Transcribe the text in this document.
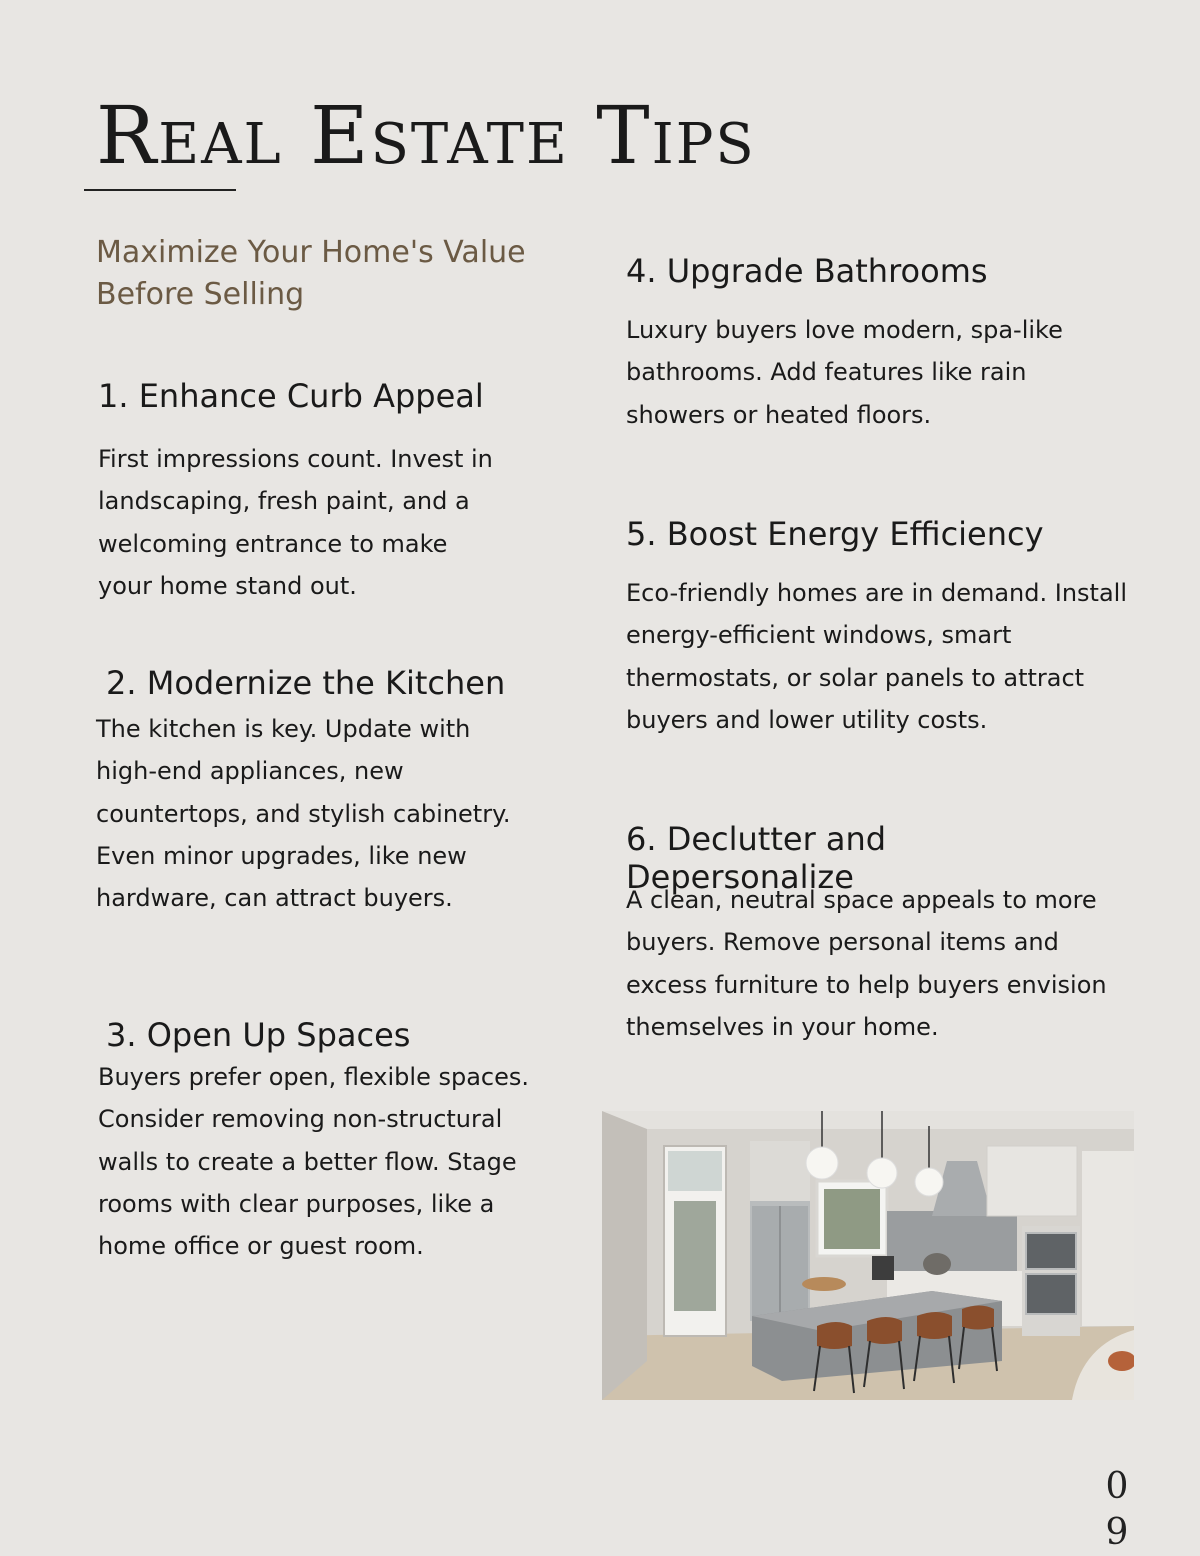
Real Estate Tips
Maximize Your Home's Value Before Selling
1. Enhance Curb Appeal

First impressions count. Invest in landscaping, fresh paint, and a welcoming entrance to make your home stand out.

2. Modernize the Kitchen

The kitchen is key. Update with high-end appliances, new countertops, and stylish cabinetry. Even minor upgrades, like new hardware, can attract buyers.

3. Open Up Spaces

Buyers prefer open, flexible spaces. Consider removing non-structural walls to create a better flow. Stage rooms with clear purposes, like a home office or guest room.

4. Upgrade Bathrooms

Luxury buyers love modern, spa-like bathrooms. Add features like rain showers or heated floors.

5. Boost Energy Efficiency

Eco-friendly homes are in demand. Install energy-efficient windows, smart thermostats, or solar panels to attract buyers and lower utility costs.

6. Declutter and Depersonalize

A clean, neutral space appeals to more buyers. Remove personal items and excess furniture to help buyers envision themselves in your home.

0
9
